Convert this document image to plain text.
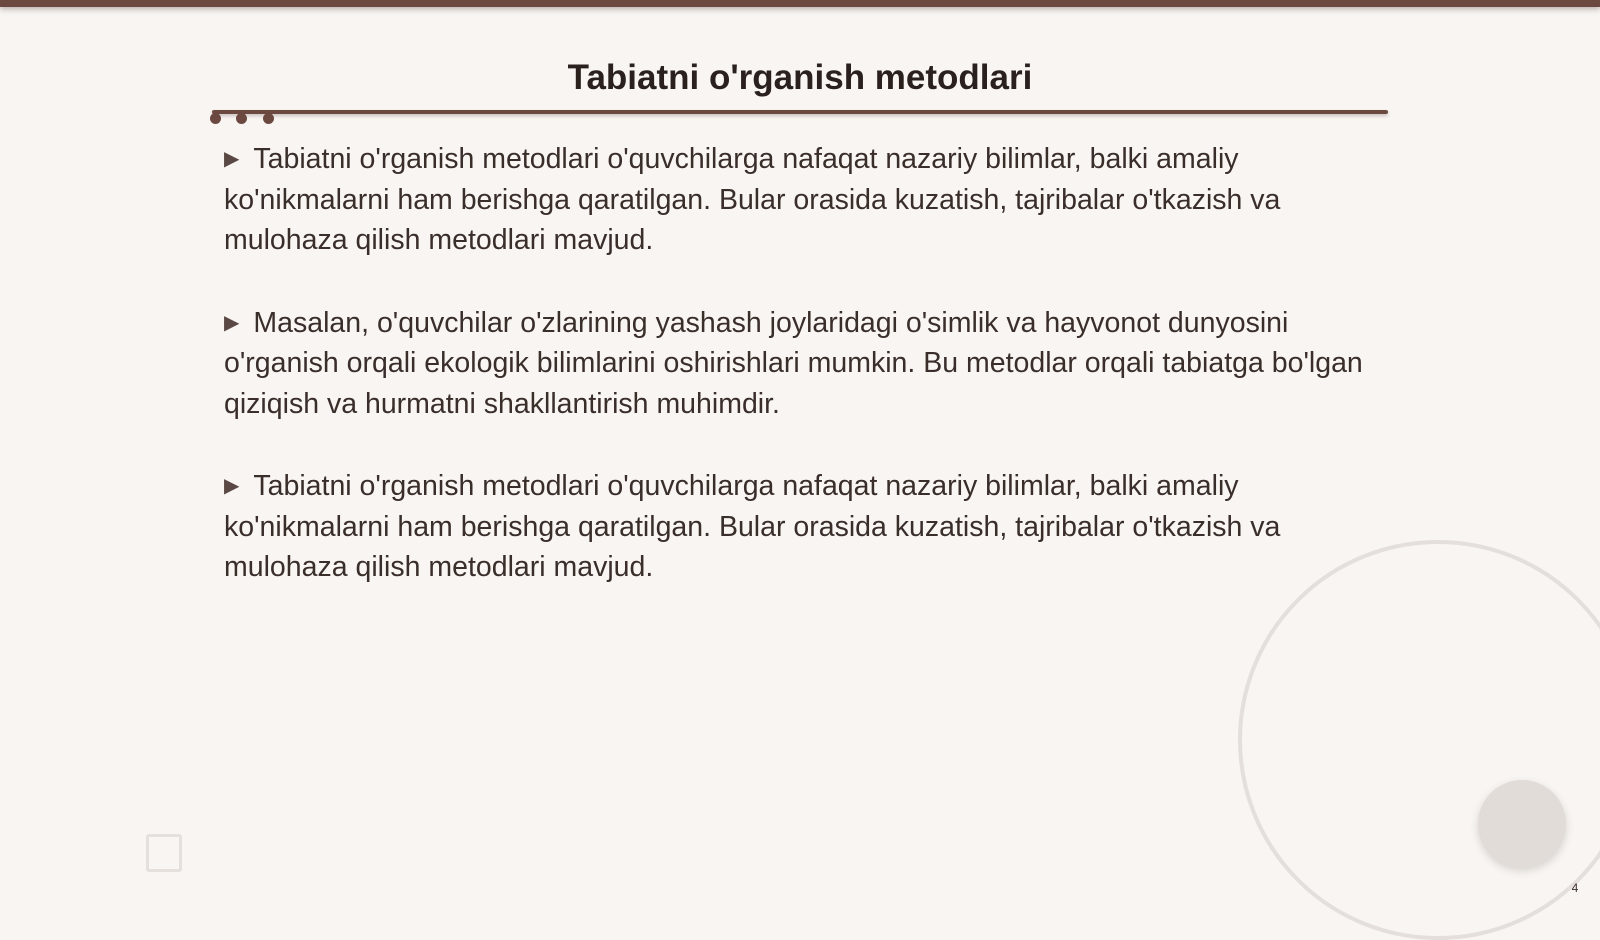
Tabiatni o'rganish metodlari

▶ Tabiatni o'rganish metodlari o'quvchilarga nafaqat nazariy bilimlar, balki amaliy ko'nikmalarni ham berishga qaratilgan. Bular orasida kuzatish, tajribalar o'tkazish va mulohaza qilish metodlari mavjud.

▶ Masalan, o'quvchilar o'zlarining yashash joylaridagi o'simlik va hayvonot dunyosini o'rganish orqali ekologik bilimlarini oshirishlari mumkin. Bu metodlar orqali tabiatga bo'lgan qiziqish va hurmatni shakllantirish muhimdir.

▶ Tabiatni o'rganish metodlari o'quvchilarga nafaqat nazariy bilimlar, balki amaliy ko'nikmalarni ham berishga qaratilgan. Bular orasida kuzatish, tajribalar o'tkazish va mulohaza qilish metodlari mavjud.

4
